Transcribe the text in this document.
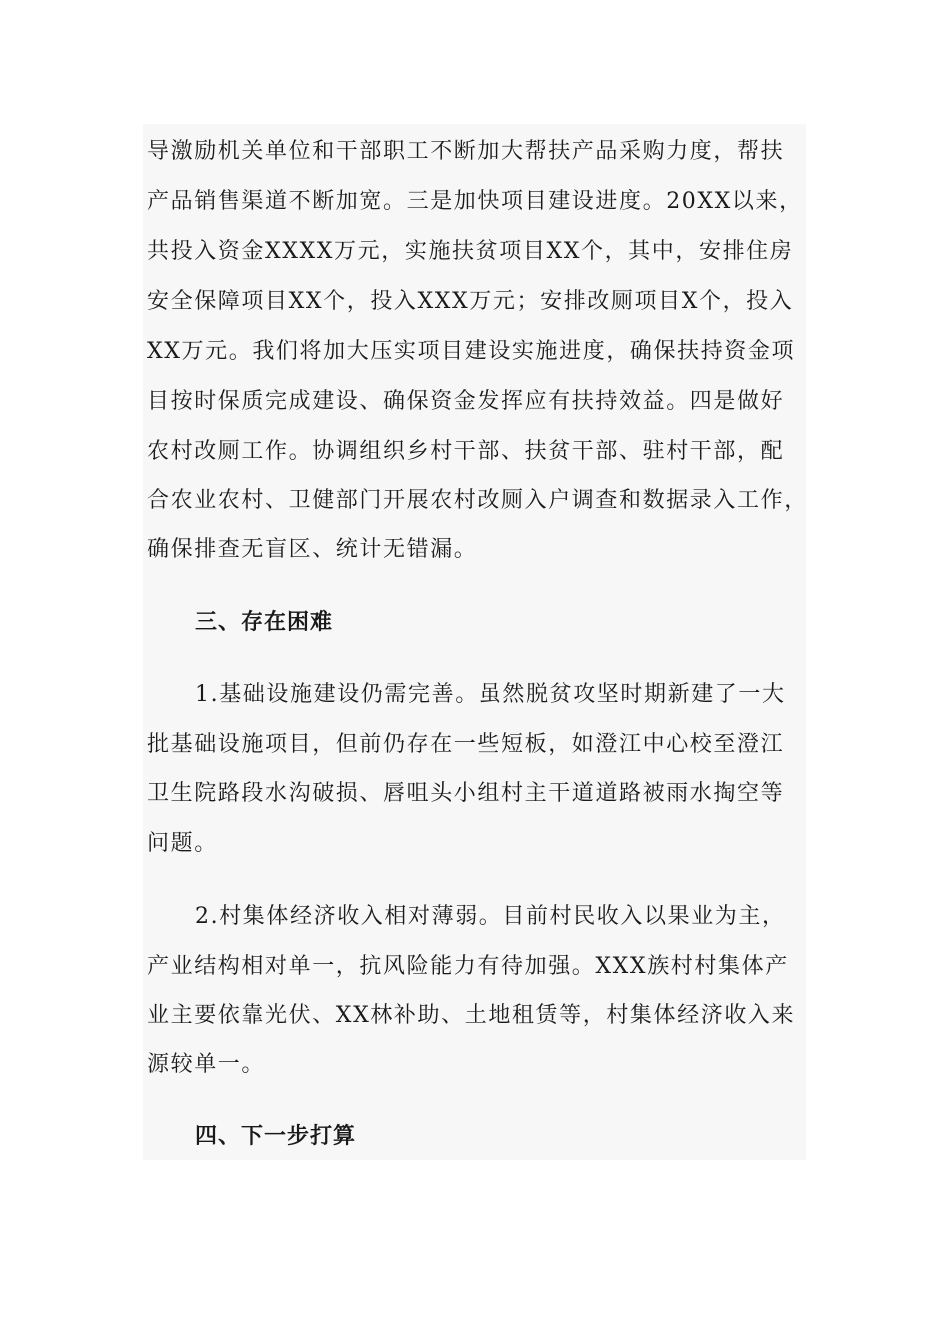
导激励机关单位和干部职工不断加大帮扶产品采购力度，帮扶
产品销售渠道不断加宽。三是加快项目建设进度。20XX以来，
共投入资金XXXX万元，实施扶贫项目XX个，其中，安排住房
安全保障项目XX个，投入XXX万元；安排改厕项目X个，投入
XX万元。我们将加大压实项目建设实施进度，确保扶持资金项
目按时保质完成建设、确保资金发挥应有扶持效益。四是做好
农村改厕工作。协调组织乡村干部、扶贫干部、驻村干部，配
合农业农村、卫健部门开展农村改厕入户调查和数据录入工作，
确保排查无盲区、统计无错漏。
三、存在困难
1.基础设施建设仍需完善。虽然脱贫攻坚时期新建了一大
批基础设施项目，但前仍存在一些短板，如澄江中心校至澄江
卫生院路段水沟破损、唇咀头小组村主干道道路被雨水掏空等
问题。
2.村集体经济收入相对薄弱。目前村民收入以果业为主，
产业结构相对单一，抗风险能力有待加强。XXX族村村集体产
业主要依靠光伏、XX林补助、土地租赁等，村集体经济收入来
源较单一。
四、下一步打算
